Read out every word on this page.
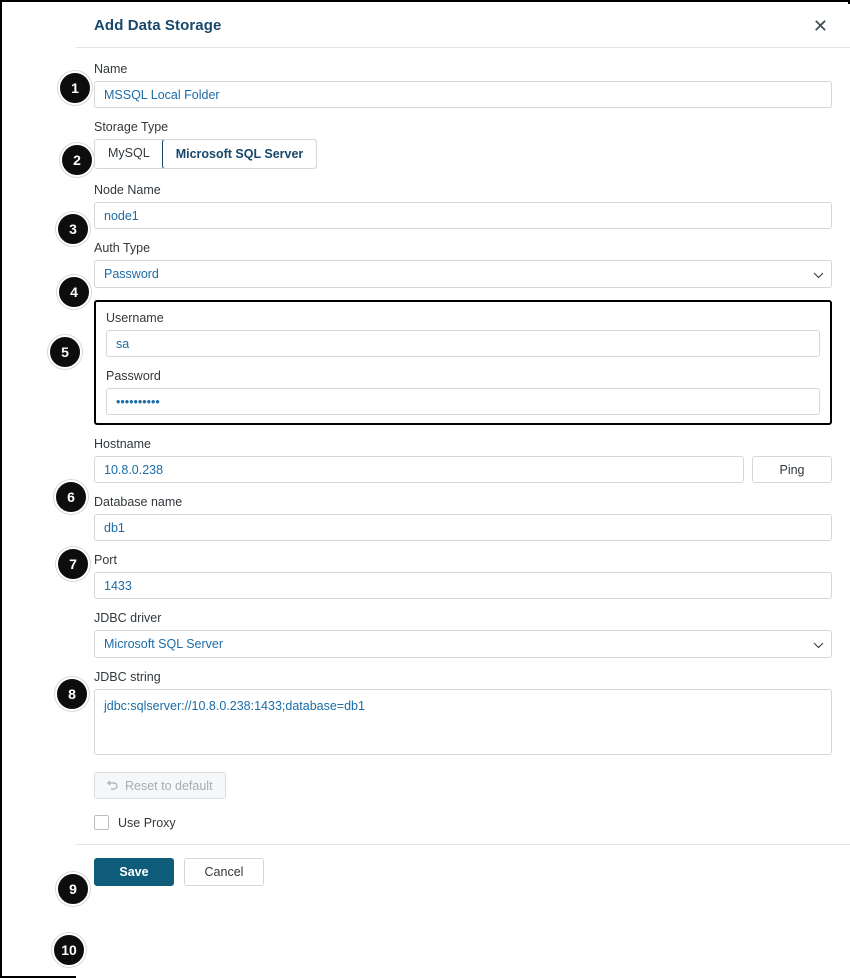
Add Data Storage	✕
Name
MSSQL Local Folder
Storage Type
MySQL	Microsoft SQL Server
Node Name
node1
Auth Type
Password
Username
sa
Password
••••••••••
Hostname
10.8.0.238
Ping
Database name
db1
Port
1433
JDBC driver
Microsoft SQL Server
JDBC string
jdbc:sqlserver://10.8.0.238:1433;database=db1
Reset to default
Use Proxy
Save	Cancel
1
2
3
4
5
6
7
8
9
10
